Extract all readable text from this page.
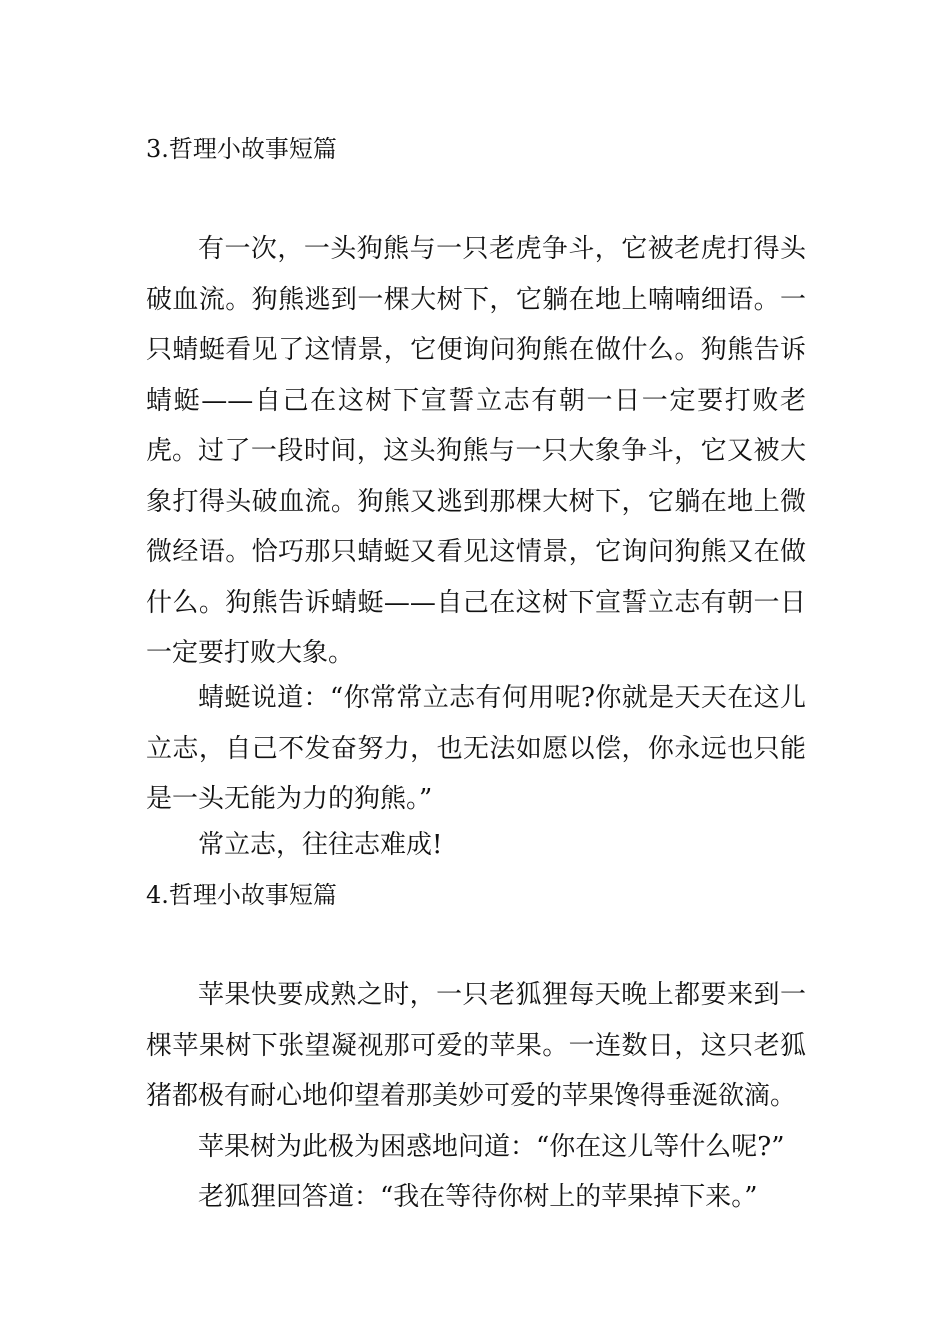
3.哲理小故事短篇
有一次，一头狗熊与一只老虎争斗，它被老虎打得头破血流。狗熊逃到一棵大树下，它躺在地上喃喃细语。一只蜻蜓看见了这情景，它便询问狗熊在做什么。狗熊告诉蜻蜓——自己在这树下宣誓立志有朝一日一定要打败老虎。 过了一段时间，这头狗熊与一只大象争斗，它又被大象打得头破血流。狗熊又逃到那棵大树下，它躺在地上微微经语。恰巧那只蜻蜓又看见这情景，它询问狗熊又在做什么。狗熊告诉蜻蜓——自己在这树下宣誓立志有朝一日一定要打败大象。
蜻蜓说道：“你常常立志有何用呢?你就是天天在这儿立志，自己不发奋努力，也无法如愿以偿，你永远也只能是一头无能为力的狗熊。”
常立志，往往志难成!
4.哲理小故事短篇
苹果快要成熟之时，一只老狐狸每天晚上都要来到一棵苹果树下张望凝视那可爱的苹果。一连数日，这只老狐猪都极有耐心地仰望着那美妙可爱的苹果馋得垂涎欲滴。
苹果树为此极为困惑地问道：“你在这儿等什么呢?”
老狐狸回答道：“我在等待你树上的苹果掉下来。”
